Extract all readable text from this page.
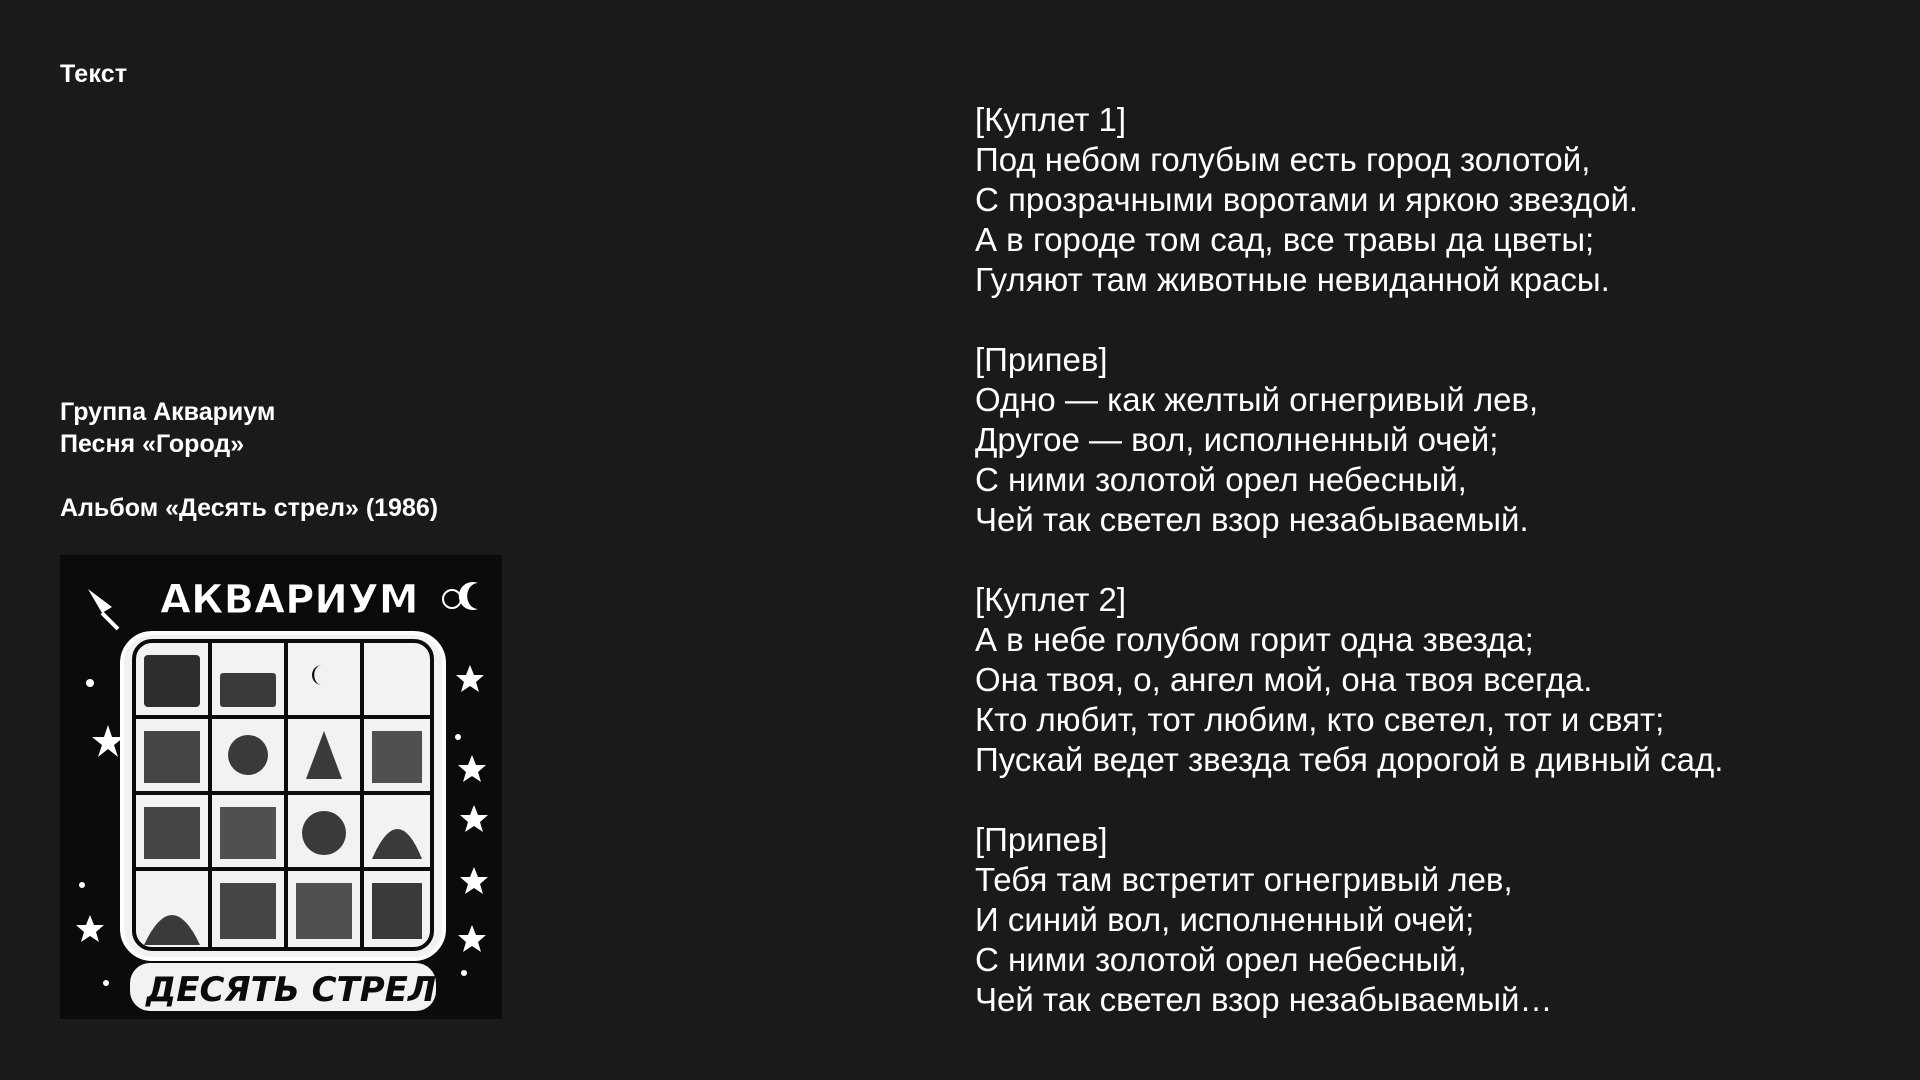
Текст
Группа Аквариум
Песня «Город»
Альбом «Десять стрел» (1986)
АКВАРИУМ
ДЕСЯТЬ СТРЕЛ
[Куплет 1]
Под небом голубым есть город золотой,
С прозрачными воротами и яркою звездой.
А в городе том сад, все травы да цветы;
Гуляют там животные невиданной красы.
[Припев]
Одно — как желтый огнегривый лев,
Другое — вол, исполненный очей;
С ними золотой орел небесный,
Чей так светел взор незабываемый.
[Куплет 2]
А в небе голубом горит одна звезда;
Она твоя, о, ангел мой, она твоя всегда.
Кто любит, тот любим, кто светел, тот и свят;
Пускай ведет звезда тебя дорогой в дивный сад.
[Припев]
Тебя там встретит огнегривый лев,
И синий вол, исполненный очей;
С ними золотой орел небесный,
Чей так светел взор незабываемый…
